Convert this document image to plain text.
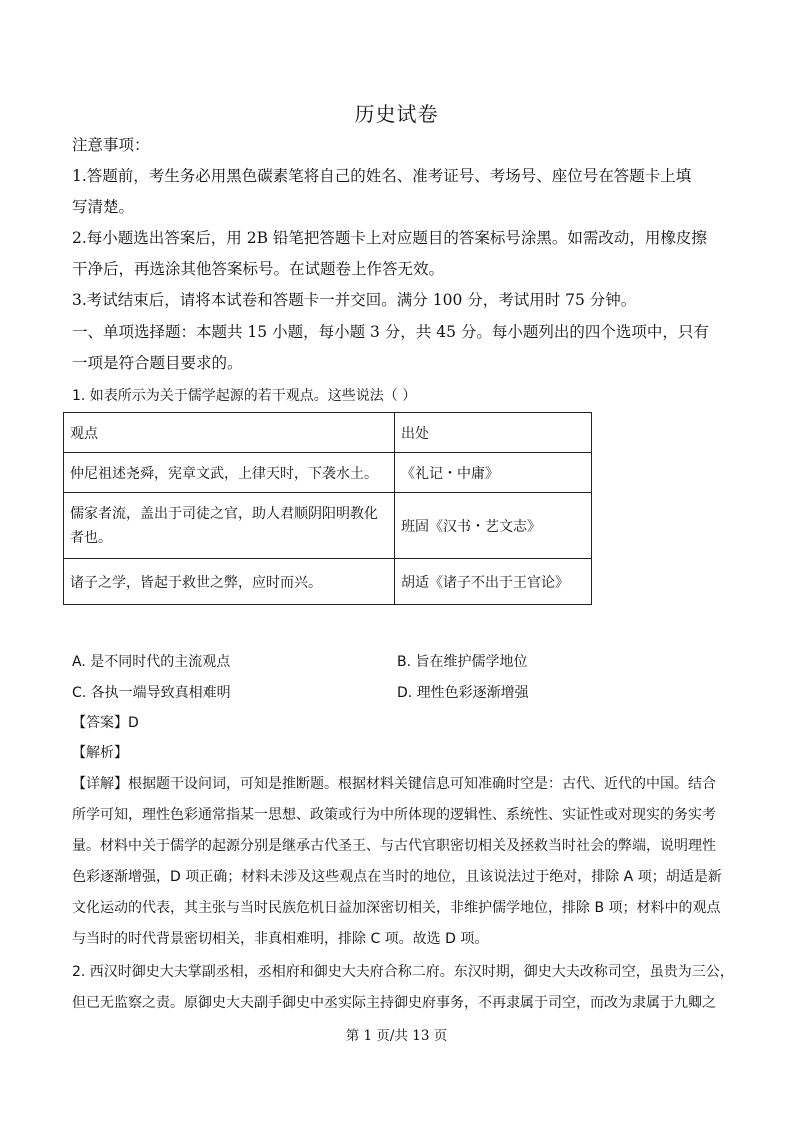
历史试卷
注意事项：
1.答题前，考生务必用黑色碳素笔将自己的姓名、准考证号、考场号、座位号在答题卡上填
写清楚。
2.每小题选出答案后，用 2B 铅笔把答题卡上对应题目的答案标号涂黑。如需改动，用橡皮擦
干净后，再选涂其他答案标号。在试题卷上作答无效。
3.考试结束后，请将本试卷和答题卡一并交回。满分 100 分，考试用时 75 分钟。
一、单项选择题：本题共 15 小题，每小题 3 分，共 45 分。每小题列出的四个选项中，只有
一项是符合题目要求的。
1. 如表所示为关于儒学起源的若干观点。这些说法（ ）
观点	出处
仲尼祖述尧舜，宪章文武，上律天时，下袭水土。	《礼记・中庸》
儒家者流，盖出于司徒之官，助人君顺阴阳明教化者也。	班固《汉书・艺文志》
诸子之学，皆起于救世之弊，应时而兴。	胡适《诸子不出于王官论》
A. 是不同时代的主流观点	B. 旨在维护儒学地位
C. 各执一端导致真相难明	D. 理性色彩逐渐增强
【答案】D
【解析】
【详解】根据题干设问词，可知是推断题。根据材料关键信息可知准确时空是：古代、近代的中国。结合
所学可知，理性色彩通常指某一思想、政策或行为中所体现的逻辑性、系统性、实证性或对现实的务实考
量。材料中关于儒学的起源分别是继承古代圣王、与古代官职密切相关及拯救当时社会的弊端，说明理性
色彩逐渐增强，D 项正确；材料未涉及这些观点在当时的地位，且该说法过于绝对，排除 A 项；胡适是新
文化运动的代表，其主张与当时民族危机日益加深密切相关，非维护儒学地位，排除 B 项；材料中的观点
与当时的时代背景密切相关，非真相难明，排除 C 项。故选 D 项。
2. 西汉时御史大夫掌副丞相，丞相府和御史大夫府合称二府。东汉时期，御史大夫改称司空，虽贵为三公，
但已无监察之责。原御史大夫副手御史中丞实际主持御史府事务，不再隶属于司空，而改为隶属于九卿之
第 1 页/共 13 页
